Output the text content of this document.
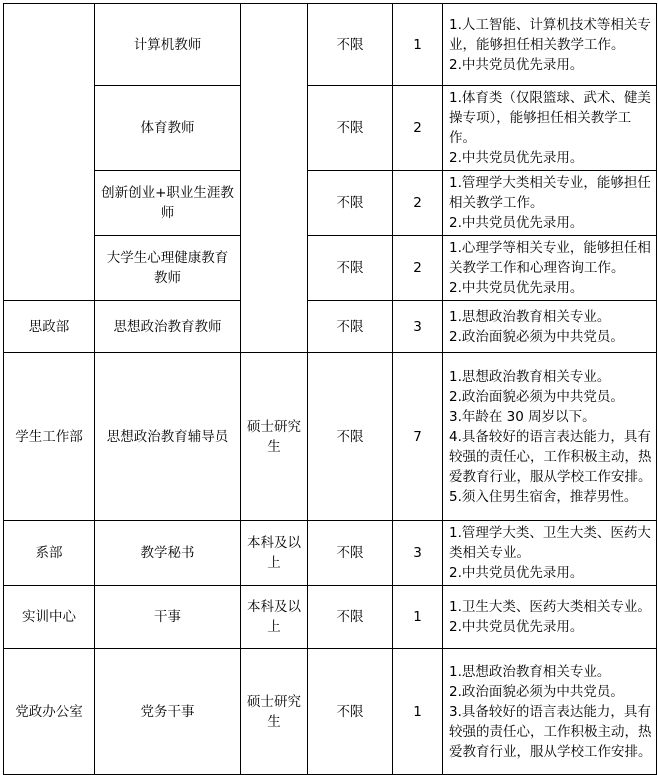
	计算机教师		不限	1	1.人工智能、计算机技术等相关专业，能够担任相关教学工作。
2.中共党员优先录用。

	体育教师		不限	2	1.体育类（仅限篮球、武术、健美操专项），能够担任相关教学工作。
2.中共党员优先录用。

	创新创业+职业生涯教师		不限	2	1.管理学大类相关专业，能够担任相关教学工作。
2.中共党员优先录用。

	大学生心理健康教育教师		不限	2	1.心理学等相关专业，能够担任相关教学工作和心理咨询工作。
2.中共党员优先录用。

思政部	思想政治教育教师		不限	3	1.思想政治教育相关专业。
2.政治面貌必须为中共党员。

学生工作部	思想政治教育辅导员	硕士研究生	不限	7	1.思想政治教育相关专业。
2.政治面貌必须为中共党员。
3.年龄在 30 周岁以下。
4.具备较好的语言表达能力，具有较强的责任心，工作积极主动，热爱教育行业，服从学校工作安排。
5.须入住男生宿舍，推荐男性。

系部	教学秘书	本科及以上	不限	3	1.管理学大类、卫生大类、医药大类相关专业。
2.中共党员优先录用。

实训中心	干事	本科及以上	不限	1	1.卫生大类、医药大类相关专业。
2.中共党员优先录用。

党政办公室	党务干事	硕士研究生	不限	1	1.思想政治教育相关专业。
2.政治面貌必须为中共党员。
3.具备较好的语言表达能力，具有较强的责任心，工作积极主动，热爱教育行业，服从学校工作安排。
